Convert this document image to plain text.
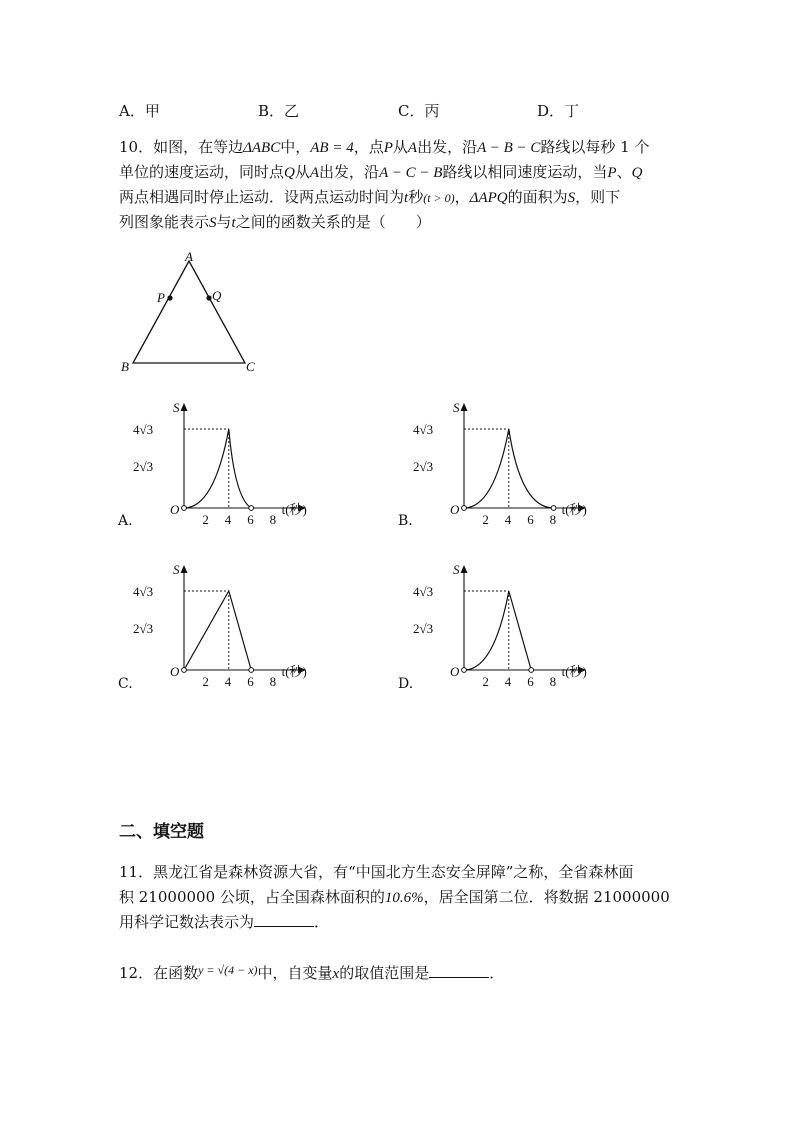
A．甲	B．乙	C．丙	D．丁
10．如图，在等边ΔABC中，AB = 4，点P从A出发，沿A − B − C路线以每秒 1 个
单位的速度运动，同时点Q从A出发，沿A − C − B路线以相同速度运动，当P、Q
两点相遇同时停止运动．设两点运动时间为t秒(t > 0)，ΔAPQ的面积为S，则下
列图象能表示S与t之间的函数关系的是（　　）
A
B	C
P	Q
A.
S
O	t(秒)
2 4 6 8
4√3
2√3
B.
S
O	t(秒)
2 4 6 8
4√3
2√3
C.
S
O	t(秒)
2 4 6 8
4√3
2√3
D.
S
O	t(秒)
2 4 6 8
4√3
2√3
二、填空题
11．黑龙江省是森林资源大省，有“中国北方生态安全屏障”之称，全省森林面
积 21000000 公顷，占全国森林面积的10.6%，居全国第二位．将数据 21000000
用科学记数法表示为	．
12．在函数$^{y = √(4 - x)}$中，自变量x的取值范围是	．
